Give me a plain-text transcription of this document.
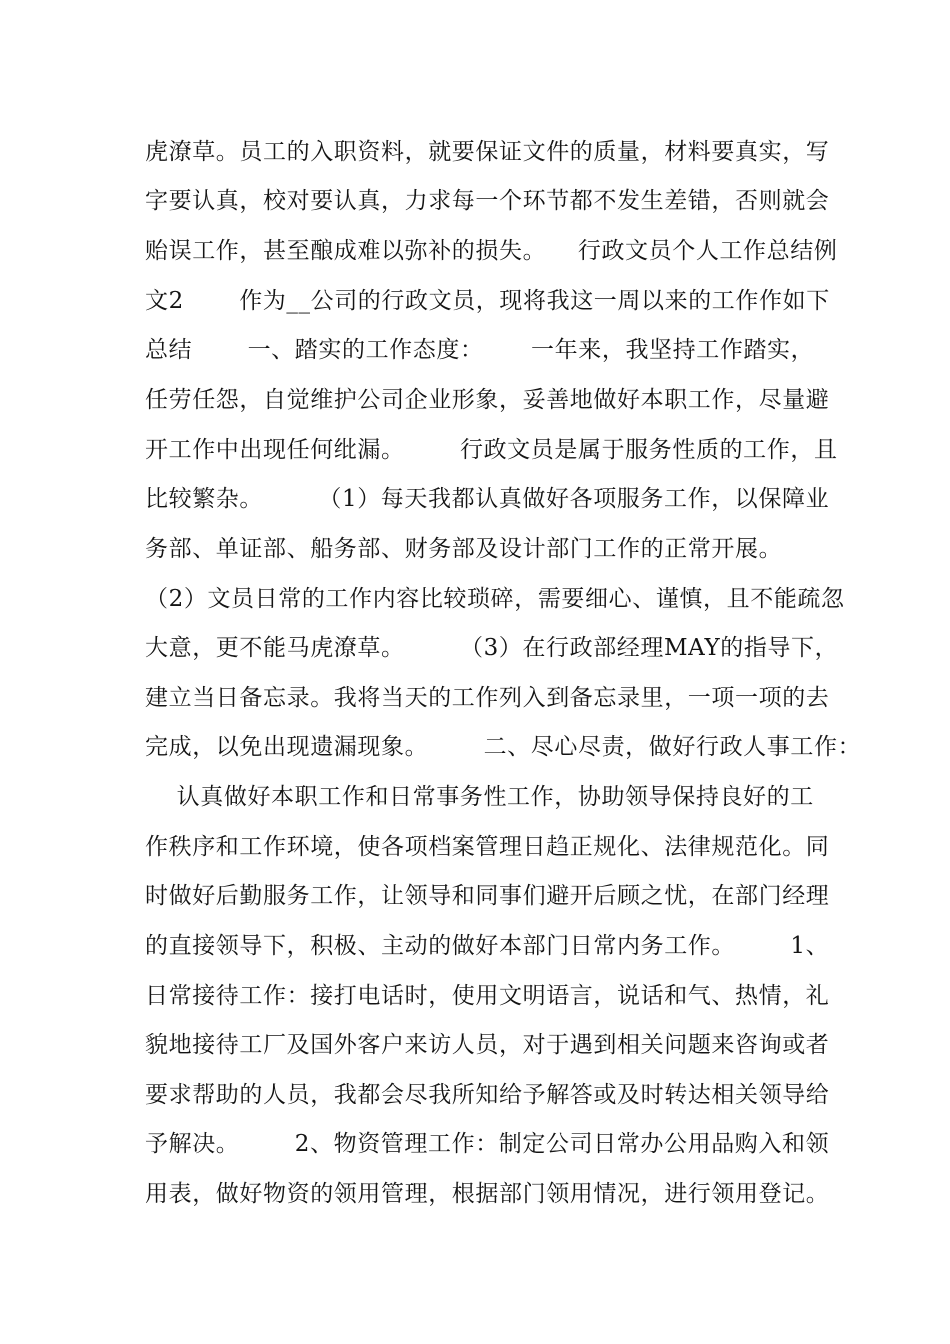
虎潦草。员工的入职资料，就要保证文件的质量，材料要真实，写
字要认真，校对要认真，力求每一个环节都不发生差错，否则就会
贻误工作，甚至酿成难以弥补的损失。    行政文员个人工作总结例
文2       作为__公司的行政文员，现将我这一周以来的工作作如下
总结       一、踏实的工作态度：      一年来，我坚持工作踏实，
任劳任怨，自觉维护公司企业形象，妥善地做好本职工作，尽量避
开工作中出现任何纰漏。       行政文员是属于服务性质的工作，且
比较繁杂。       （1）每天我都认真做好各项服务工作，以保障业
务部、单证部、船务部、财务部及设计部门工作的正常开展。
（2）文员日常的工作内容比较琐碎，需要细心、谨慎，且不能疏忽
大意，更不能马虎潦草。       （3）在行政部经理MAY的指导下，
建立当日备忘录。我将当天的工作列入到备忘录里，一项一项的去
完成，以免出现遗漏现象。       二、尽心尽责，做好行政人事工作：
认真做好本职工作和日常事务性工作，协助领导保持良好的工
作秩序和工作环境，使各项档案管理日趋正规化、法律规范化。同
时做好后勤服务工作，让领导和同事们避开后顾之忧，在部门经理
的直接领导下，积极、主动的做好本部门日常内务工作。       1、
日常接待工作：接打电话时，使用文明语言，说话和气、热情，礼
貌地接待工厂及国外客户来访人员，对于遇到相关问题来咨询或者
要求帮助的人员，我都会尽我所知给予解答或及时转达相关领导给
予解决。       2、物资管理工作：制定公司日常办公用品购入和领
用表，做好物资的领用管理，根据部门领用情况，进行领用登记。
